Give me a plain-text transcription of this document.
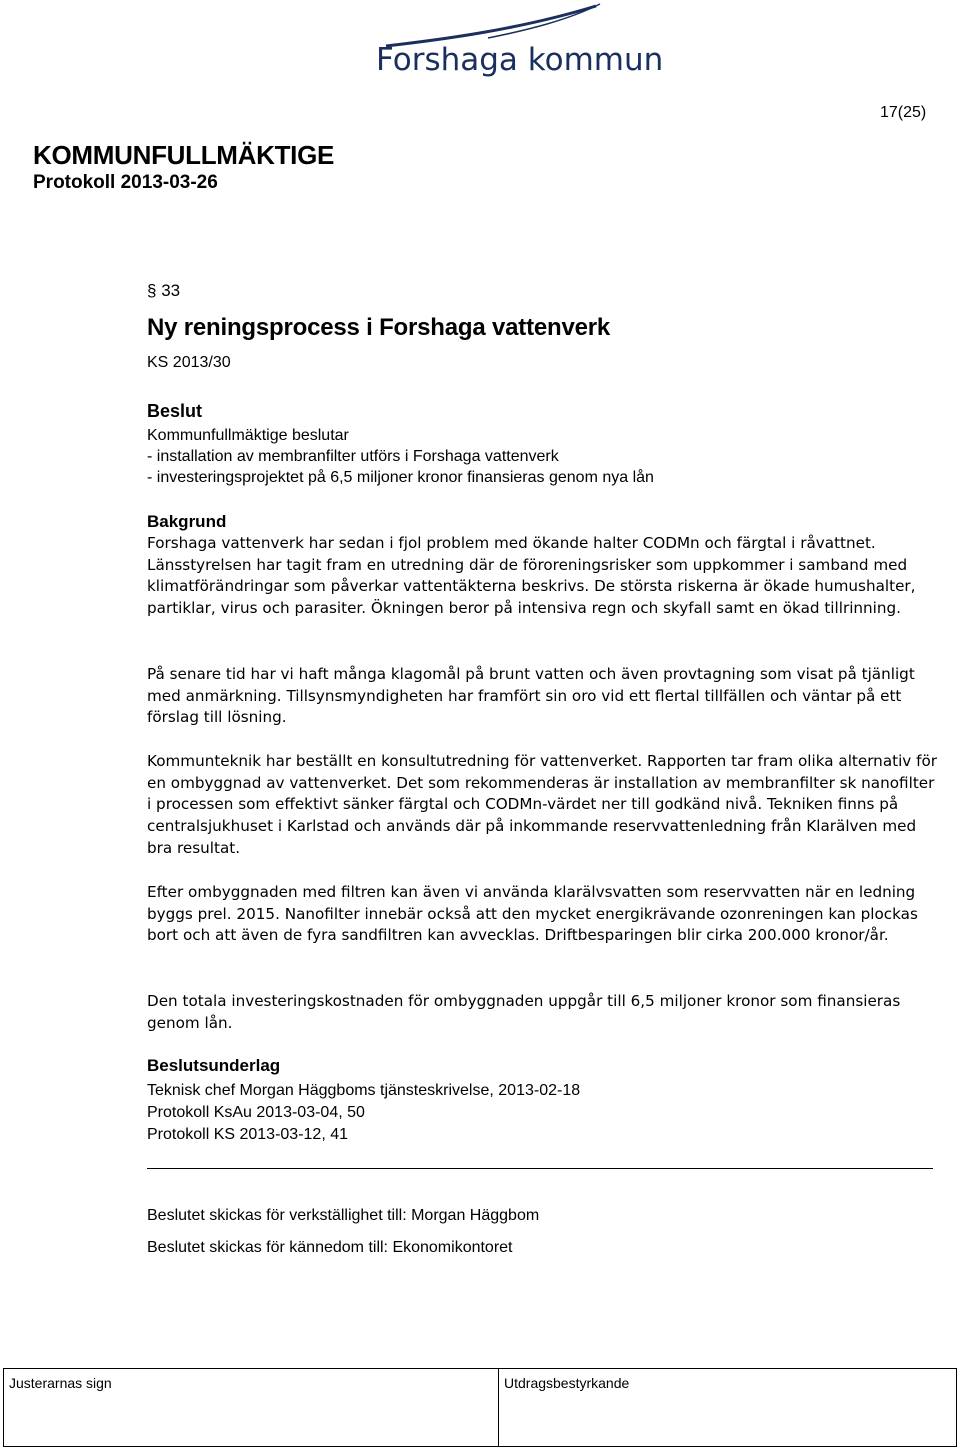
Forshaga kommun
17(25)
KOMMUNFULLMÄKTIGE
Protokoll 2013-03-26
§ 33
Ny reningsprocess i Forshaga vattenverk
KS 2013/30
Beslut
Kommunfullmäktige beslutar
- installation av membranfilter utförs i Forshaga vattenverk
- investeringsprojektet på 6,5 miljoner kronor finansieras genom nya lån
Bakgrund
Forshaga vattenverk har sedan i fjol problem med ökande halter CODMn och färgtal i råvattnet. Länsstyrelsen har tagit fram en utredning där de föroreningsrisker som uppkommer i samband med klimatförändringar som påverkar vattentäkterna beskrivs. De största riskerna är ökade humushalter, partiklar, virus och parasiter. Ökningen beror på intensiva regn och skyfall samt en ökad tillrinning.
På senare tid har vi haft många klagomål på brunt vatten och även provtagning som visat på tjänligt med anmärkning. Tillsynsmyndigheten har framfört sin oro vid ett flertal tillfällen och väntar på ett förslag till lösning.
Kommunteknik har beställt en konsultutredning för vattenverket. Rapporten tar fram olika alternativ för en ombyggnad av vattenverket. Det som rekommenderas är installation av membranfilter sk nanofilter i processen som effektivt sänker färgtal och CODMn-värdet ner till godkänd nivå. Tekniken finns på centralsjukhuset i Karlstad och används där på inkommande reservvattenledning från Klarälven med bra resultat.
Efter ombyggnaden med filtren kan även vi använda klarälvsvatten som reservvatten när en ledning byggs prel. 2015. Nanofilter innebär också att den mycket energikrävande ozonreningen kan plockas bort och att även de fyra sandfiltren kan avvecklas. Driftbesparingen blir cirka 200.000 kronor/år.
Den totala investeringskostnaden för ombyggnaden uppgår till 6,5 miljoner kronor som finansieras genom lån.
Beslutsunderlag
Teknisk chef Morgan Häggboms tjänsteskrivelse, 2013-02-18
Protokoll KsAu 2013-03-04, 50
Protokoll KS 2013-03-12, 41
Beslutet skickas för verkställighet till: Morgan Häggbom
Beslutet skickas för kännedom till: Ekonomikontoret
Justerarnas sign	Utdragsbestyrkande
